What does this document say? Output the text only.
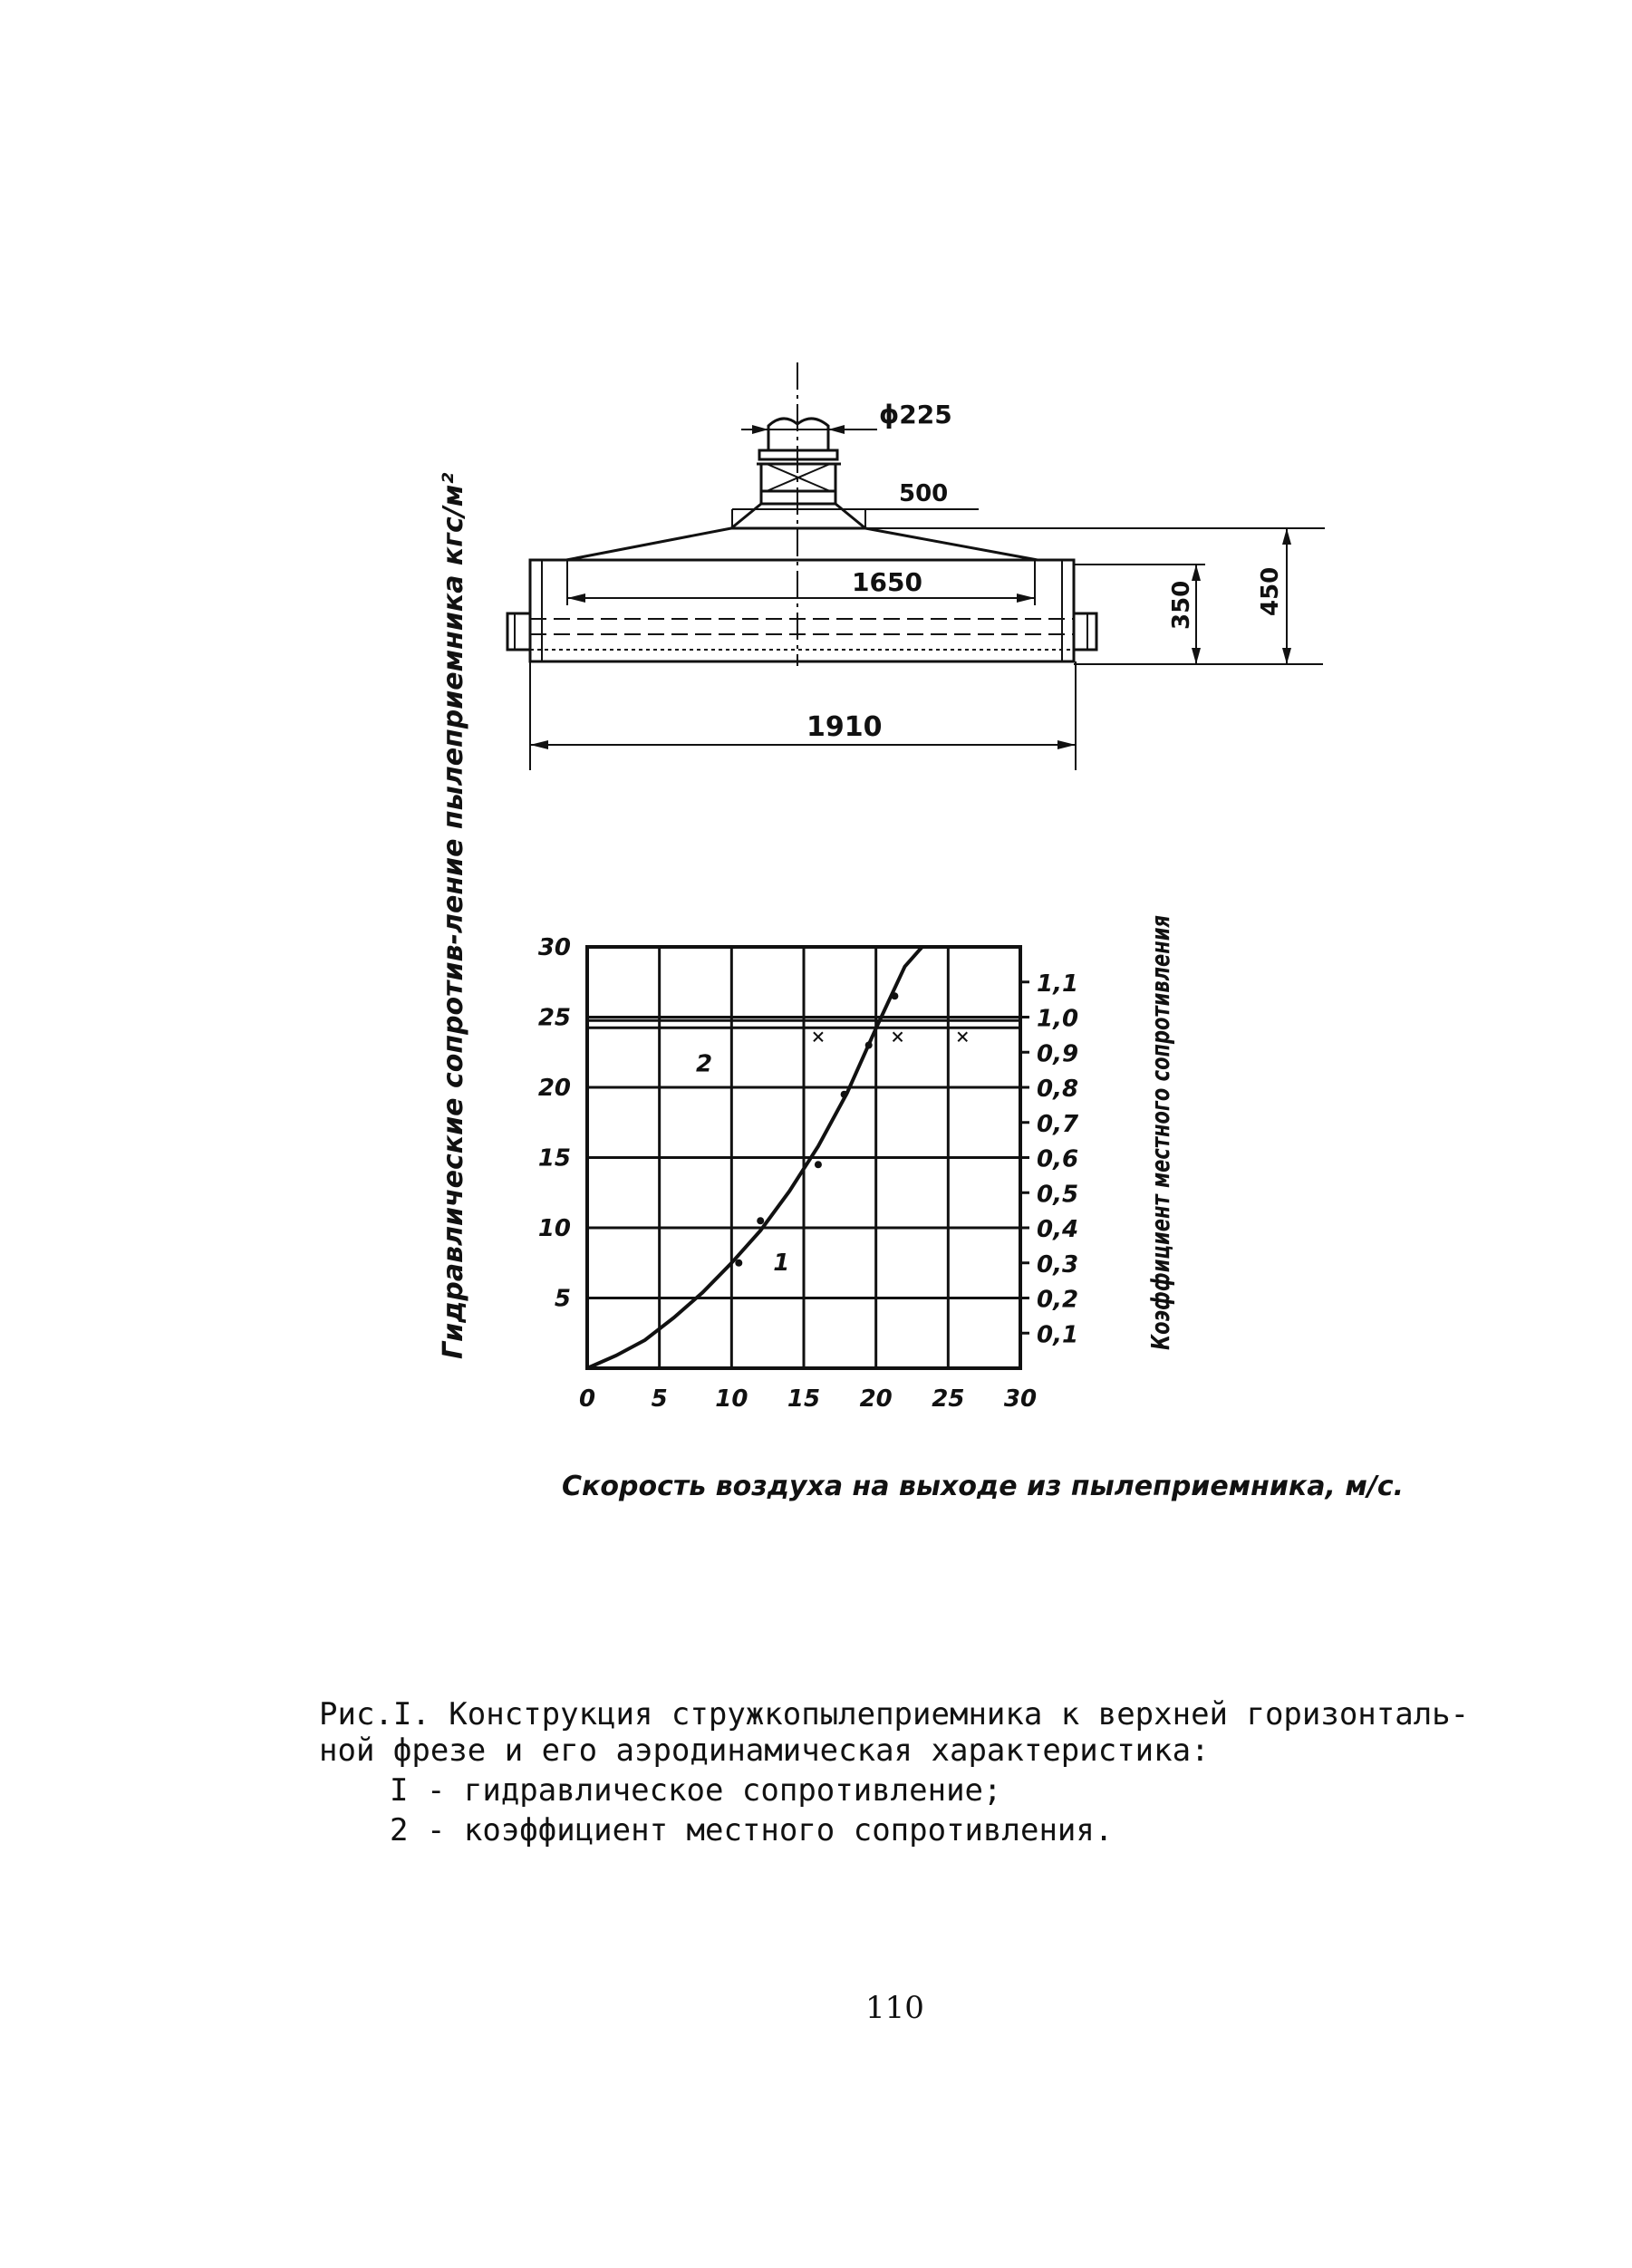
ϕ225
500
1650	350	450
1910
0 5 10 15 20 25 30
5
10
15
20
25
30
0,1
0,2
0,3
0,4
0,5
0,6
0,7
0,8
0,9
1,0
1,1
1
2
Гидравлические сопротив-ление пылеприемника кгс/м²	Коэффициент местного сопротивления
Скорость воздуха на выходе из пылеприемника, м/с.

Рис.I. Конструкция стружкопылеприемника к верхней горизонталь-

ной фрезе и его аэродинамическая характеристика:

I - гидравлическое сопротивление;

2 - коэффициент местного сопротивления.

110
